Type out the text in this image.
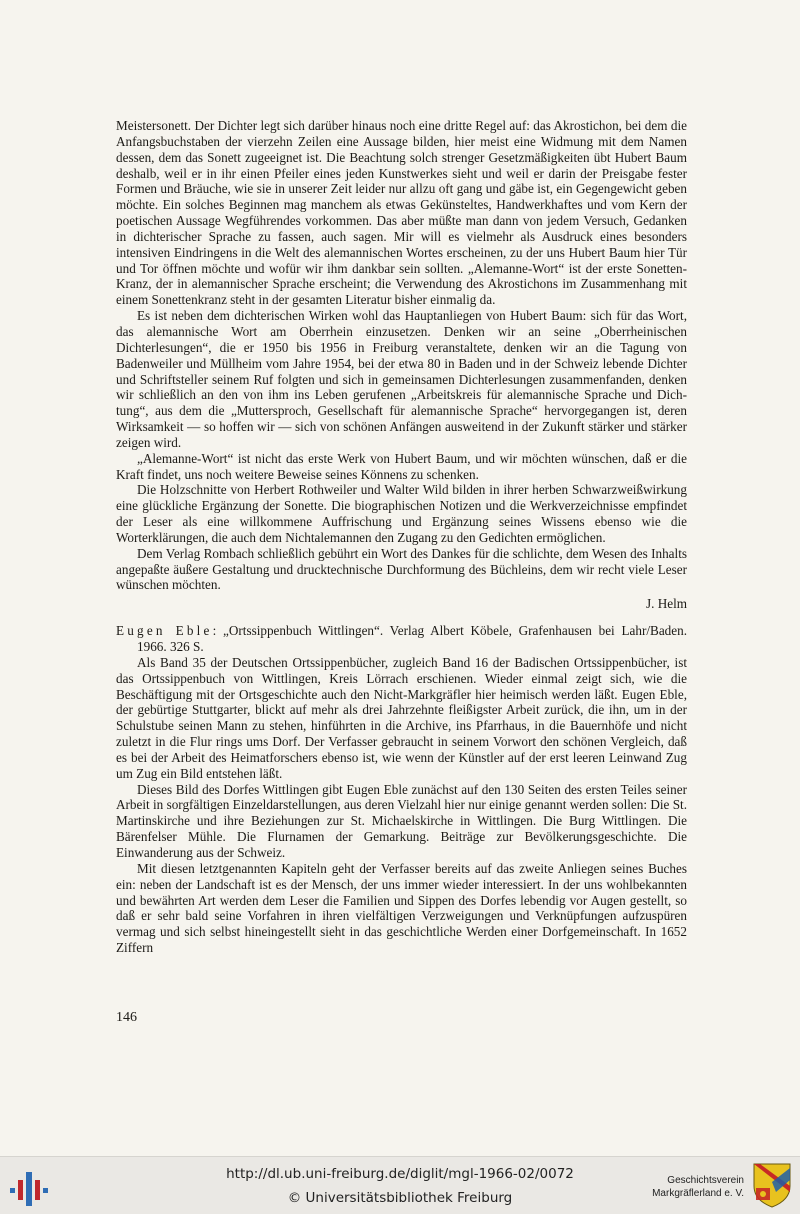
Meistersonett. Der Dichter legt sich darüber hinaus noch eine dritte Regel auf: das Akrostichon, bei dem die Anfangsbuchstaben der vierzehn Zeilen eine Aussage bilden, hier meist eine Widmung mit dem Namen dessen, dem das Sonett zugeeignet ist. Die Beachtung solch strenger Gesetzmäßigkeiten übt Hubert Baum deshalb, weil er in ihr einen Pfeiler eines jeden Kunstwerkes sieht und weil er darin der Preisgabe fester Formen und Bräuche, wie sie in unserer Zeit leider nur allzu oft gang und gäbe ist, ein Gegengewicht geben möchte. Ein solches Beginnen mag manchem als etwas Gekünsteltes, Handwerkhaftes und vom Kern der poetischen Aussage Wegführendes vorkommen. Das aber müßte man dann von jedem Versuch, Gedanken in dichterischer Sprache zu fassen, auch sagen. Mir will es vielmehr als Ausdruck eines besonders intensiven Eindringens in die Welt des alemannischen Wortes erscheinen, zu der uns Hubert Baum hier Tür und Tor öffnen möchte und wofür wir ihm dankbar sein sollten. „Alemanne-Wort“ ist der erste Sonetten-Kranz, der in alemannischer Sprache erscheint; die Verwendung des Akrostichons im Zusammenhang mit einem Sonettenkranz steht in der gesamten Literatur bisher einmalig da.

Es ist neben dem dichterischen Wirken wohl das Hauptanliegen von Hubert Baum: sich für das Wort, das alemannische Wort am Oberrhein einzusetzen. Denken wir an seine „Oberrheinischen Dichterlesungen“, die er 1950 bis 1956 in Freiburg veranstaltete, denken wir an die Tagung von Badenweiler und Müllheim vom Jahre 1954, bei der etwa 80 in Baden und in der Schweiz lebende Dichter und Schriftsteller seinem Ruf folgten und sich in gemeinsamen Dichterlesungen zusammenfanden, denken wir schließlich an den von ihm ins Leben gerufenen „Arbeitskreis für alemannische Sprache und Dichtung“, aus dem die „Muttersproch, Gesellschaft für alemannische Sprache“ hervorgegangen ist, deren Wirksamkeit — so hoffen wir — sich von schönen Anfängen ausweitend in der Zukunft stärker und stärker zeigen wird.

„Alemanne-Wort“ ist nicht das erste Werk von Hubert Baum, und wir möchten wünschen, daß er die Kraft findet, uns noch weitere Beweise seines Könnens zu schenken.

Die Holzschnitte von Herbert Rothweiler und Walter Wild bilden in ihrer herben Schwarzweißwirkung eine glückliche Ergänzung der Sonette. Die biographischen Notizen und die Werkverzeichnisse empfindet der Leser als eine willkommene Auffrischung und Ergänzung seines Wissens ebenso wie die Worterklärungen, die auch dem Nichtalemannen den Zugang zu den Gedichten ermöglichen.

Dem Verlag Rombach schließlich gebührt ein Wort des Dankes für die schlichte, dem Wesen des Inhalts angepaßte äußere Gestaltung und drucktechnische Durchformung des Büchleins, dem wir recht viele Leser wünschen möchten.

J. Helm

Eugen Eble: „Ortssippenbuch Wittlingen“. Verlag Albert Köbele, Grafenhausen bei Lahr/Baden. 1966. 326 S.

Als Band 35 der Deutschen Ortssippenbücher, zugleich Band 16 der Badischen Ortssippenbücher, ist das Ortssippenbuch von Wittlingen, Kreis Lörrach erschienen. Wieder einmal zeigt sich, wie die Beschäftigung mit der Ortsgeschichte auch den Nicht-Markgräfler hier heimisch werden läßt. Eugen Eble, der gebürtige Stuttgarter, blickt auf mehr als drei Jahrzehnte fleißigster Arbeit zurück, die ihn, um in der Schulstube seinen Mann zu stehen, hinführten in die Archive, ins Pfarrhaus, in die Bauernhöfe und nicht zuletzt in die Flur rings ums Dorf. Der Verfasser gebraucht in seinem Vorwort den schönen Vergleich, daß es bei der Arbeit des Heimatforschers ebenso ist, wie wenn der Künstler auf der erst leeren Leinwand Zug um Zug ein Bild entstehen läßt.

Dieses Bild des Dorfes Wittlingen gibt Eugen Eble zunächst auf den 130 Seiten des ersten Teiles seiner Arbeit in sorgfältigen Einzeldarstellungen, aus deren Vielzahl hier nur einige genannt werden sollen: Die St. Martinskirche und ihre Beziehungen zur St. Michaelskirche in Wittlingen. Die Burg Wittlingen. Die Bärenfelser Mühle. Die Flurnamen der Gemarkung. Beiträge zur Bevölkerungsgeschichte. Die Einwanderung aus der Schweiz.

Mit diesen letztgenannten Kapiteln geht der Verfasser bereits auf das zweite Anliegen seines Buches ein: neben der Landschaft ist es der Mensch, der uns immer wieder interessiert. In der uns wohlbekannten und bewährten Art werden dem Leser die Familien und Sippen des Dorfes lebendig vor Augen gestellt, so daß er sehr bald seine Vorfahren in ihren vielfältigen Verzweigungen und Verknüpfungen aufzuspüren vermag und sich selbst hineingestellt sieht in das geschichtliche Werden einer Dorfgemeinschaft. In 1652 Ziffern

146
http://dl.ub.uni-freiburg.de/diglit/mgl-1966-02/0072
© Universitätsbibliothek Freiburg
Geschichtsverein
Markgräflerland e. V.
